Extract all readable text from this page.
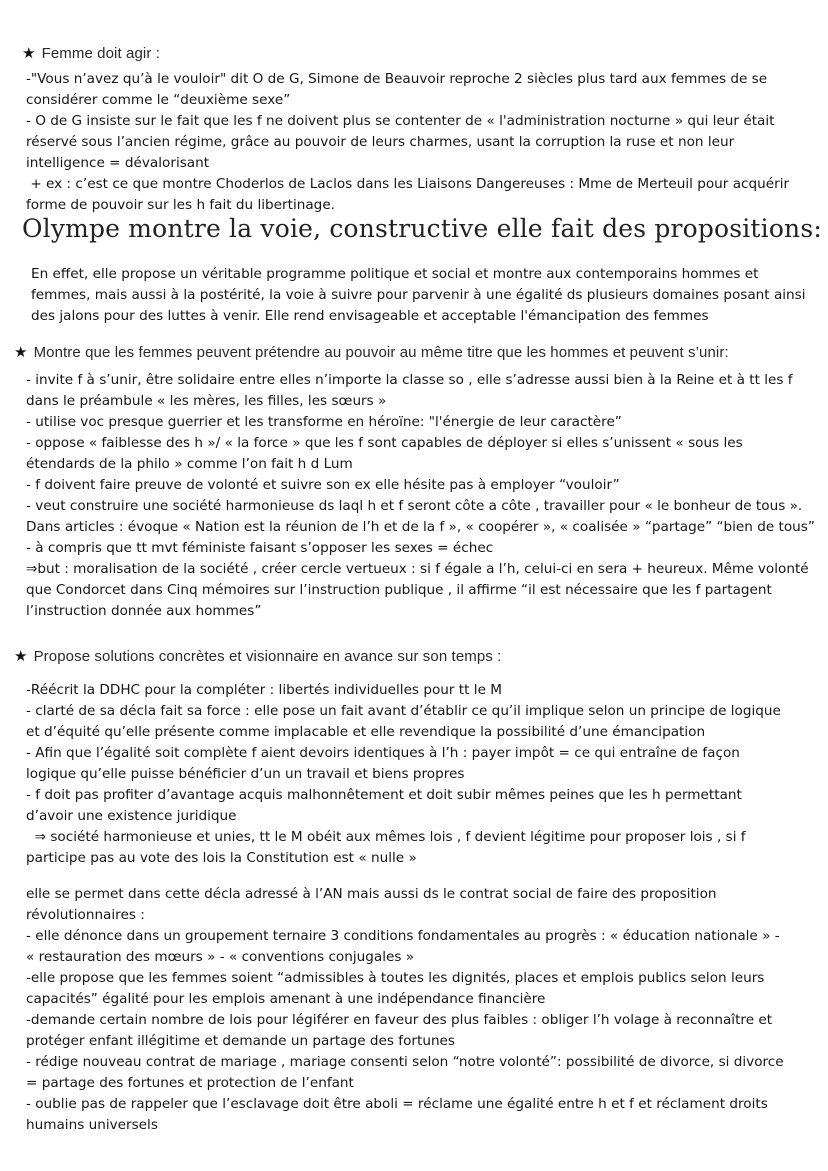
★ Femme doit agir :
-"Vous n’avez qu’à le vouloir" dit O de G, Simone de Beauvoir reproche 2 siècles plus tard aux femmes de se
considérer comme le “deuxième sexe”
- O de G insiste sur le fait que les f ne doivent plus se contenter de « l'administration nocturne » qui leur était
réservé sous l’ancien régime, grâce au pouvoir de leurs charmes, usant la corruption la ruse et non leur
intelligence = dévalorisant
+ ex : c’est ce que montre Choderlos de Laclos dans les Liaisons Dangereuses : Mme de Merteuil pour acquérir
forme de pouvoir sur les h fait du libertinage.
Olympe montre la voie, constructive elle fait des propositions:
En effet, elle propose un véritable programme politique et social et montre aux contemporains hommes et
femmes, mais aussi à la postérité, la voie à suivre pour parvenir à une égalité ds plusieurs domaines posant ainsi
des jalons pour des luttes à venir. Elle rend envisageable et acceptable l'émancipation des femmes
★ Montre que les femmes peuvent prétendre au pouvoir au même titre que les hommes et peuvent s’unir:
- invite f à s’unir, être solidaire entre elles n’importe la classe so , elle s’adresse aussi bien à la Reine et à tt les f
dans le préambule « les mères, les filles, les sœurs »
- utilise voc presque guerrier et les transforme en héroïne: "l'énergie de leur caractère”
- oppose « faiblesse des h »/ « la force » que les f sont capables de déployer si elles s’unissent « sous les
étendards de la philo » comme l’on fait h d Lum
- f doivent faire preuve de volonté et suivre son ex elle hésite pas à employer “vouloir”
- veut construire une société harmonieuse ds laql h et f seront côte a côte , travailler pour « le bonheur de tous ».
Dans articles : évoque « Nation est la réunion de l’h et de la f », « coopérer », « coalisée » “partage” “bien de tous”
- à compris que tt mvt féministe faisant s’opposer les sexes = échec
⇒but : moralisation de la société , créer cercle vertueux : si f égale a l’h, celui-ci en sera + heureux. Même volonté
que Condorcet dans Cinq mémoires sur l’instruction publique , il affirme “il est nécessaire que les f partagent
l’instruction donnée aux hommes”
★ Propose solutions concrètes et visionnaire en avance sur son temps :
-Réécrit la DDHC pour la compléter : libertés individuelles pour tt le M
- clarté de sa décla fait sa force : elle pose un fait avant d’établir ce qu’il implique selon un principe de logique
et d’équité qu’elle présente comme implacable et elle revendique la possibilité d’une émancipation
- Afin que l’égalité soit complète f aient devoirs identiques à l’h : payer impôt = ce qui entraîne de façon
logique qu’elle puisse bénéficier d’un un travail et biens propres
- f doit pas profiter d’avantage acquis malhonnêtement et doit subir mêmes peines que les h permettant
d’avoir une existence juridique
⇒ société harmonieuse et unies, tt le M obéit aux mêmes lois , f devient légitime pour proposer lois , si f
participe pas au vote des lois la Constitution est « nulle »
elle se permet dans cette décla adressé à l’AN mais aussi ds le contrat social de faire des proposition
révolutionnaires :
- elle dénonce dans un groupement ternaire 3 conditions fondamentales au progrès : « éducation nationale » -
« restauration des mœurs » - « conventions conjugales »
-elle propose que les femmes soient “admissibles à toutes les dignités, places et emplois publics selon leurs
capacités” égalité pour les emplois amenant à une indépendance financière
-demande certain nombre de lois pour légiférer en faveur des plus faibles : obliger l’h volage à reconnaître et
protéger enfant illégitime et demande un partage des fortunes
- rédige nouveau contrat de mariage , mariage consenti selon “notre volonté”: possibilité de divorce, si divorce
= partage des fortunes et protection de l’enfant
- oublie pas de rappeler que l’esclavage doit être aboli = réclame une égalité entre h et f et réclament droits
humains universels
